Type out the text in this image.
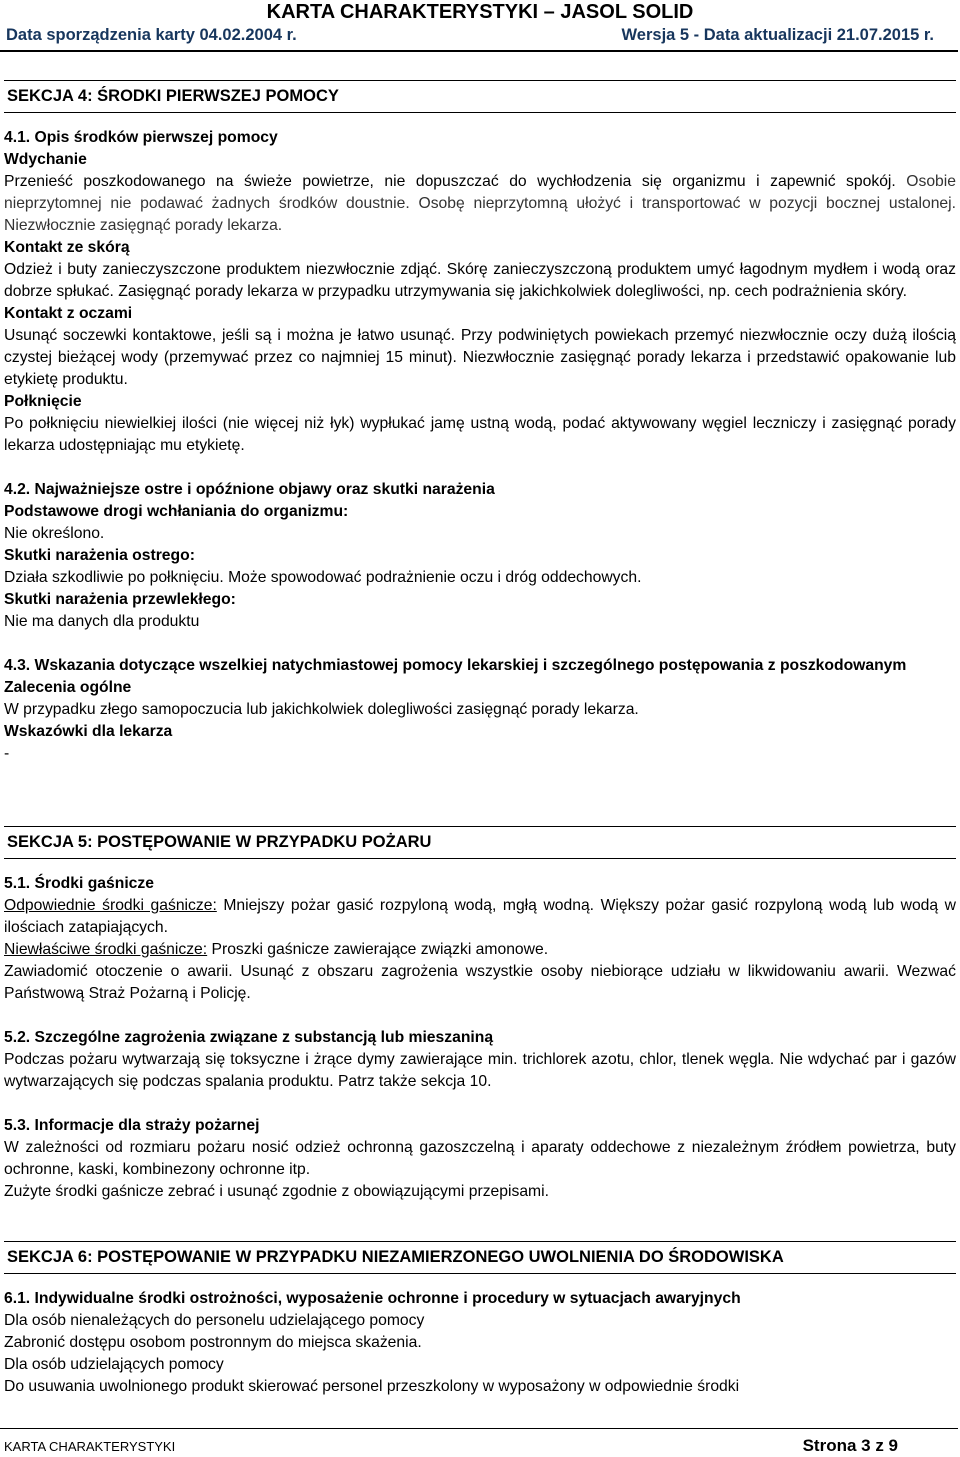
KARTA CHARAKTERYSTYKI – JASOL SOLID
Data sporządzenia karty 04.02.2004 r.	Wersja 5 - Data aktualizacji 21.07.2015 r.
SEKCJA 4: ŚRODKI PIERWSZEJ POMOCY
4.1. Opis środków pierwszej pomocy
Wdychanie
Przenieść poszkodowanego na świeże powietrze, nie dopuszczać do wychłodzenia się organizmu i zapewnić spokój. Osobie nieprzytomnej nie podawać żadnych środków doustnie. Osobę nieprzytomną ułożyć i transportować w pozycji bocznej ustalonej. Niezwłocznie zasięgnąć porady lekarza.
Kontakt ze skórą
Odzież i buty zanieczyszczone produktem niezwłocznie zdjąć. Skórę zanieczyszczoną produktem umyć łagodnym mydłem i wodą oraz dobrze spłukać. Zasięgnąć porady lekarza w przypadku utrzymywania się jakichkolwiek dolegliwości, np. cech podrażnienia skóry.
Kontakt z oczami
Usunąć soczewki kontaktowe, jeśli są i można je łatwo usunąć. Przy podwiniętych powiekach przemyć niezwłocznie oczy dużą ilością czystej bieżącej wody (przemywać przez co najmniej 15 minut). Niezwłocznie zasięgnąć porady lekarza i przedstawić opakowanie lub etykietę produktu.
Połknięcie
Po połknięciu niewielkiej ilości (nie więcej niż łyk) wypłukać jamę ustną wodą, podać aktywowany węgiel leczniczy i zasięgnąć porady lekarza udostępniając mu etykietę.
4.2. Najważniejsze ostre i opóźnione objawy oraz skutki narażenia
Podstawowe drogi wchłaniania do organizmu:
Nie określono.
Skutki narażenia ostrego:
Działa szkodliwie po połknięciu. Może spowodować podrażnienie oczu i dróg oddechowych.
Skutki narażenia przewlekłego:
Nie ma danych dla produktu
4.3. Wskazania dotyczące wszelkiej natychmiastowej pomocy lekarskiej i szczególnego postępowania z poszkodowanym
Zalecenia ogólne
W przypadku złego samopoczucia lub jakichkolwiek dolegliwości zasięgnąć porady lekarza.
Wskazówki dla lekarza
-
SEKCJA 5: POSTĘPOWANIE W PRZYPADKU POŻARU
5.1. Środki gaśnicze
Odpowiednie środki gaśnicze: Mniejszy pożar gasić rozpyloną wodą, mgłą wodną. Większy pożar gasić rozpyloną wodą lub wodą w ilościach zatapiających.
Niewłaściwe środki gaśnicze: Proszki gaśnicze zawierające związki amonowe.
Zawiadomić otoczenie o awarii. Usunąć z obszaru zagrożenia wszystkie osoby niebiorące udziału w likwidowaniu awarii. Wezwać Państwową Straż Pożarną i Policję.
5.2. Szczególne zagrożenia związane z substancją lub mieszaniną
Podczas pożaru wytwarzają się toksyczne i żrące dymy zawierające min. trichlorek azotu, chlor, tlenek węgla. Nie wdychać par i gazów wytwarzających się podczas spalania produktu. Patrz także sekcja 10.
5.3. Informacje dla straży pożarnej
W zależności od rozmiaru pożaru nosić odzież ochronną gazoszczelną i aparaty oddechowe z niezależnym źródłem powietrza, buty ochronne, kaski, kombinezony ochronne itp.
Zużyte środki gaśnicze zebrać i usunąć zgodnie z obowiązującymi przepisami.
SEKCJA 6: POSTĘPOWANIE W PRZYPADKU NIEZAMIERZONEGO UWOLNIENIA DO ŚRODOWISKA
6.1. Indywidualne środki ostrożności, wyposażenie ochronne i procedury w sytuacjach awaryjnych
Dla osób nienależących do personelu udzielającego pomocy
Zabronić dostępu osobom postronnym do miejsca skażenia.
Dla osób udzielających pomocy
Do usuwania uwolnionego produkt skierować personel przeszkolony w wyposażony w odpowiednie środki
KARTA CHARAKTERYSTYKI	Strona 3 z 9
